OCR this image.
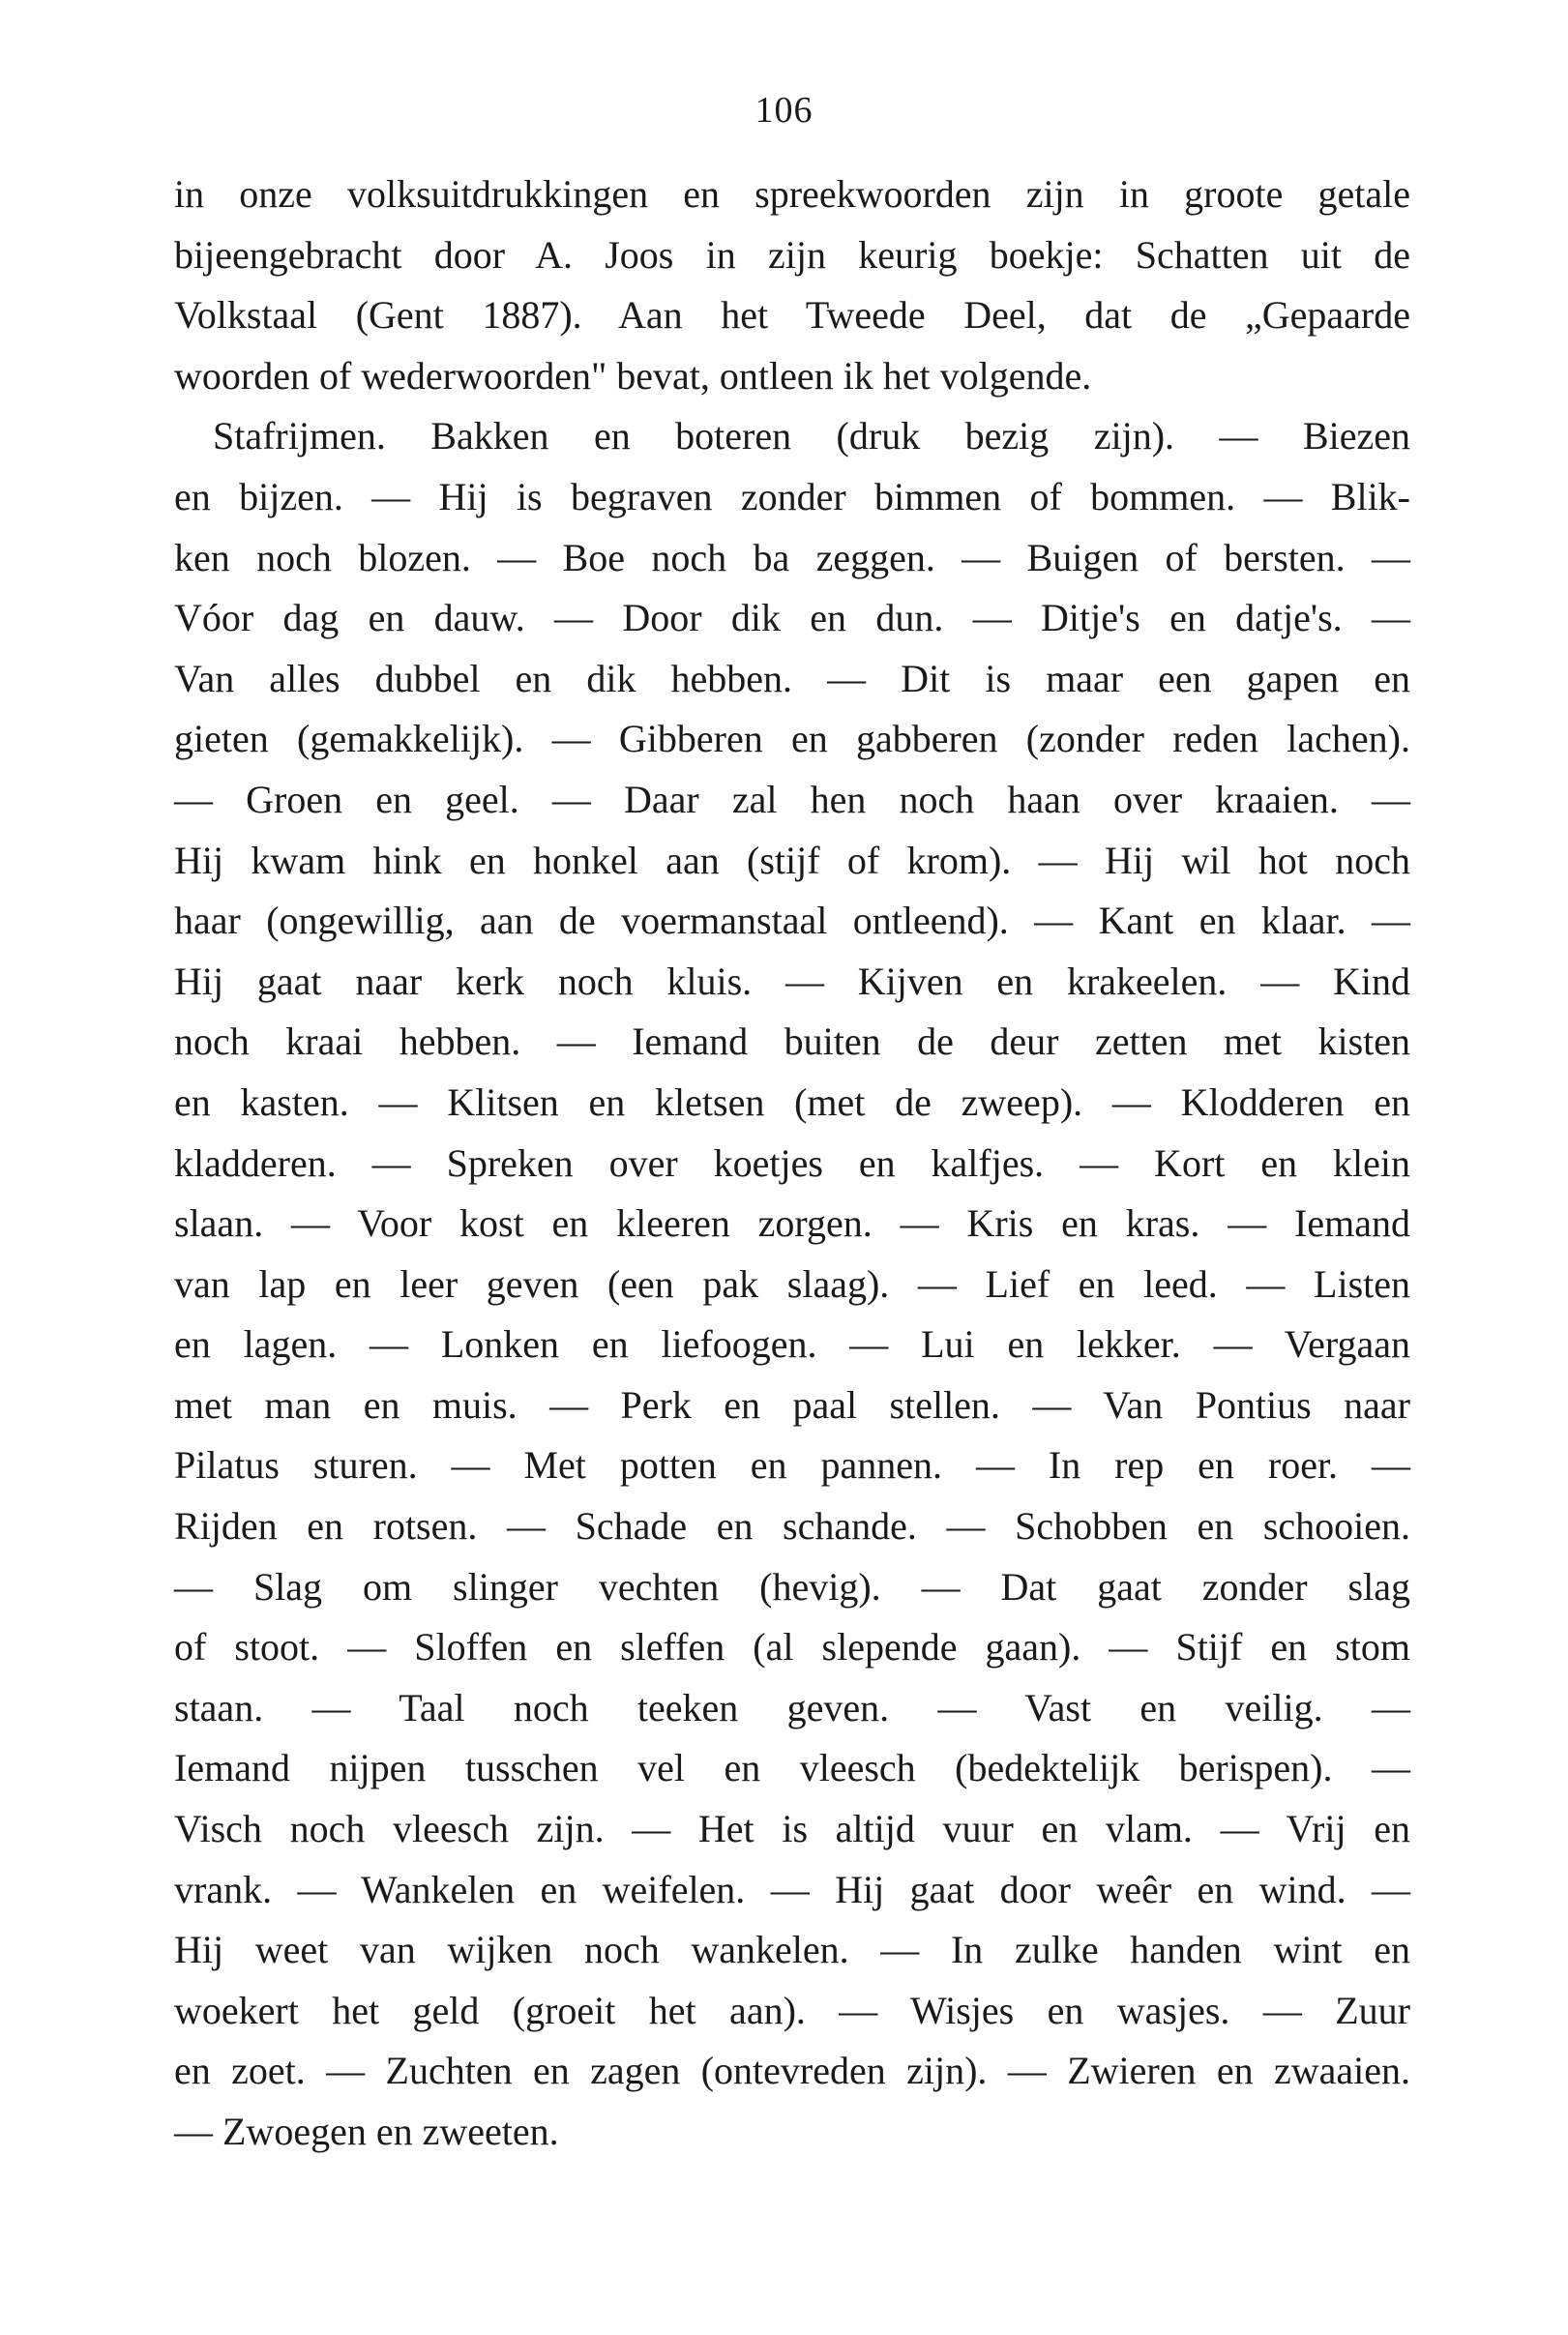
106
in onze volksuitdrukkingen en spreekwoorden zijn in groote getale
bijeengebracht door A. Joos in zijn keurig boekje: Schatten uit de
Volkstaal (Gent 1887). Aan het Tweede Deel, dat de „Gepaarde
woorden of wederwoorden" bevat, ontleen ik het volgende.
Stafrijmen. Bakken en boteren (druk bezig zijn). — Biezen
en bijzen. — Hij is begraven zonder bimmen of bommen. — Blik-
ken noch blozen. — Boe noch ba zeggen. — Buigen of bersten. —
Vóor dag en dauw. — Door dik en dun. — Ditje's en datje's. —
Van alles dubbel en dik hebben. — Dit is maar een gapen en
gieten (gemakkelijk). — Gibberen en gabberen (zonder reden lachen).
— Groen en geel. — Daar zal hen noch haan over kraaien. —
Hij kwam hink en honkel aan (stijf of krom). — Hij wil hot noch
haar (ongewillig, aan de voermanstaal ontleend). — Kant en klaar. —
Hij gaat naar kerk noch kluis. — Kijven en krakeelen. — Kind
noch kraai hebben. — Iemand buiten de deur zetten met kisten
en kasten. — Klitsen en kletsen (met de zweep). — Klodderen en
kladderen. — Spreken over koetjes en kalfjes. — Kort en klein
slaan. — Voor kost en kleeren zorgen. — Kris en kras. — Iemand
van lap en leer geven (een pak slaag). — Lief en leed. — Listen
en lagen. — Lonken en liefoogen. — Lui en lekker. — Vergaan
met man en muis. — Perk en paal stellen. — Van Pontius naar
Pilatus sturen. — Met potten en pannen. — In rep en roer. —
Rijden en rotsen. — Schade en schande. — Schobben en schooien.
— Slag om slinger vechten (hevig). — Dat gaat zonder slag
of stoot. — Sloffen en sleffen (al slepende gaan). — Stijf en stom
staan. — Taal noch teeken geven. — Vast en veilig. —
Iemand nijpen tusschen vel en vleesch (bedektelijk berispen). —
Visch noch vleesch zijn. — Het is altijd vuur en vlam. — Vrij en
vrank. — Wankelen en weifelen. — Hij gaat door weêr en wind. —
Hij weet van wijken noch wankelen. — In zulke handen wint en
woekert het geld (groeit het aan). — Wisjes en wasjes. — Zuur
en zoet. — Zuchten en zagen (ontevreden zijn). — Zwieren en zwaaien.
— Zwoegen en zweeten.
